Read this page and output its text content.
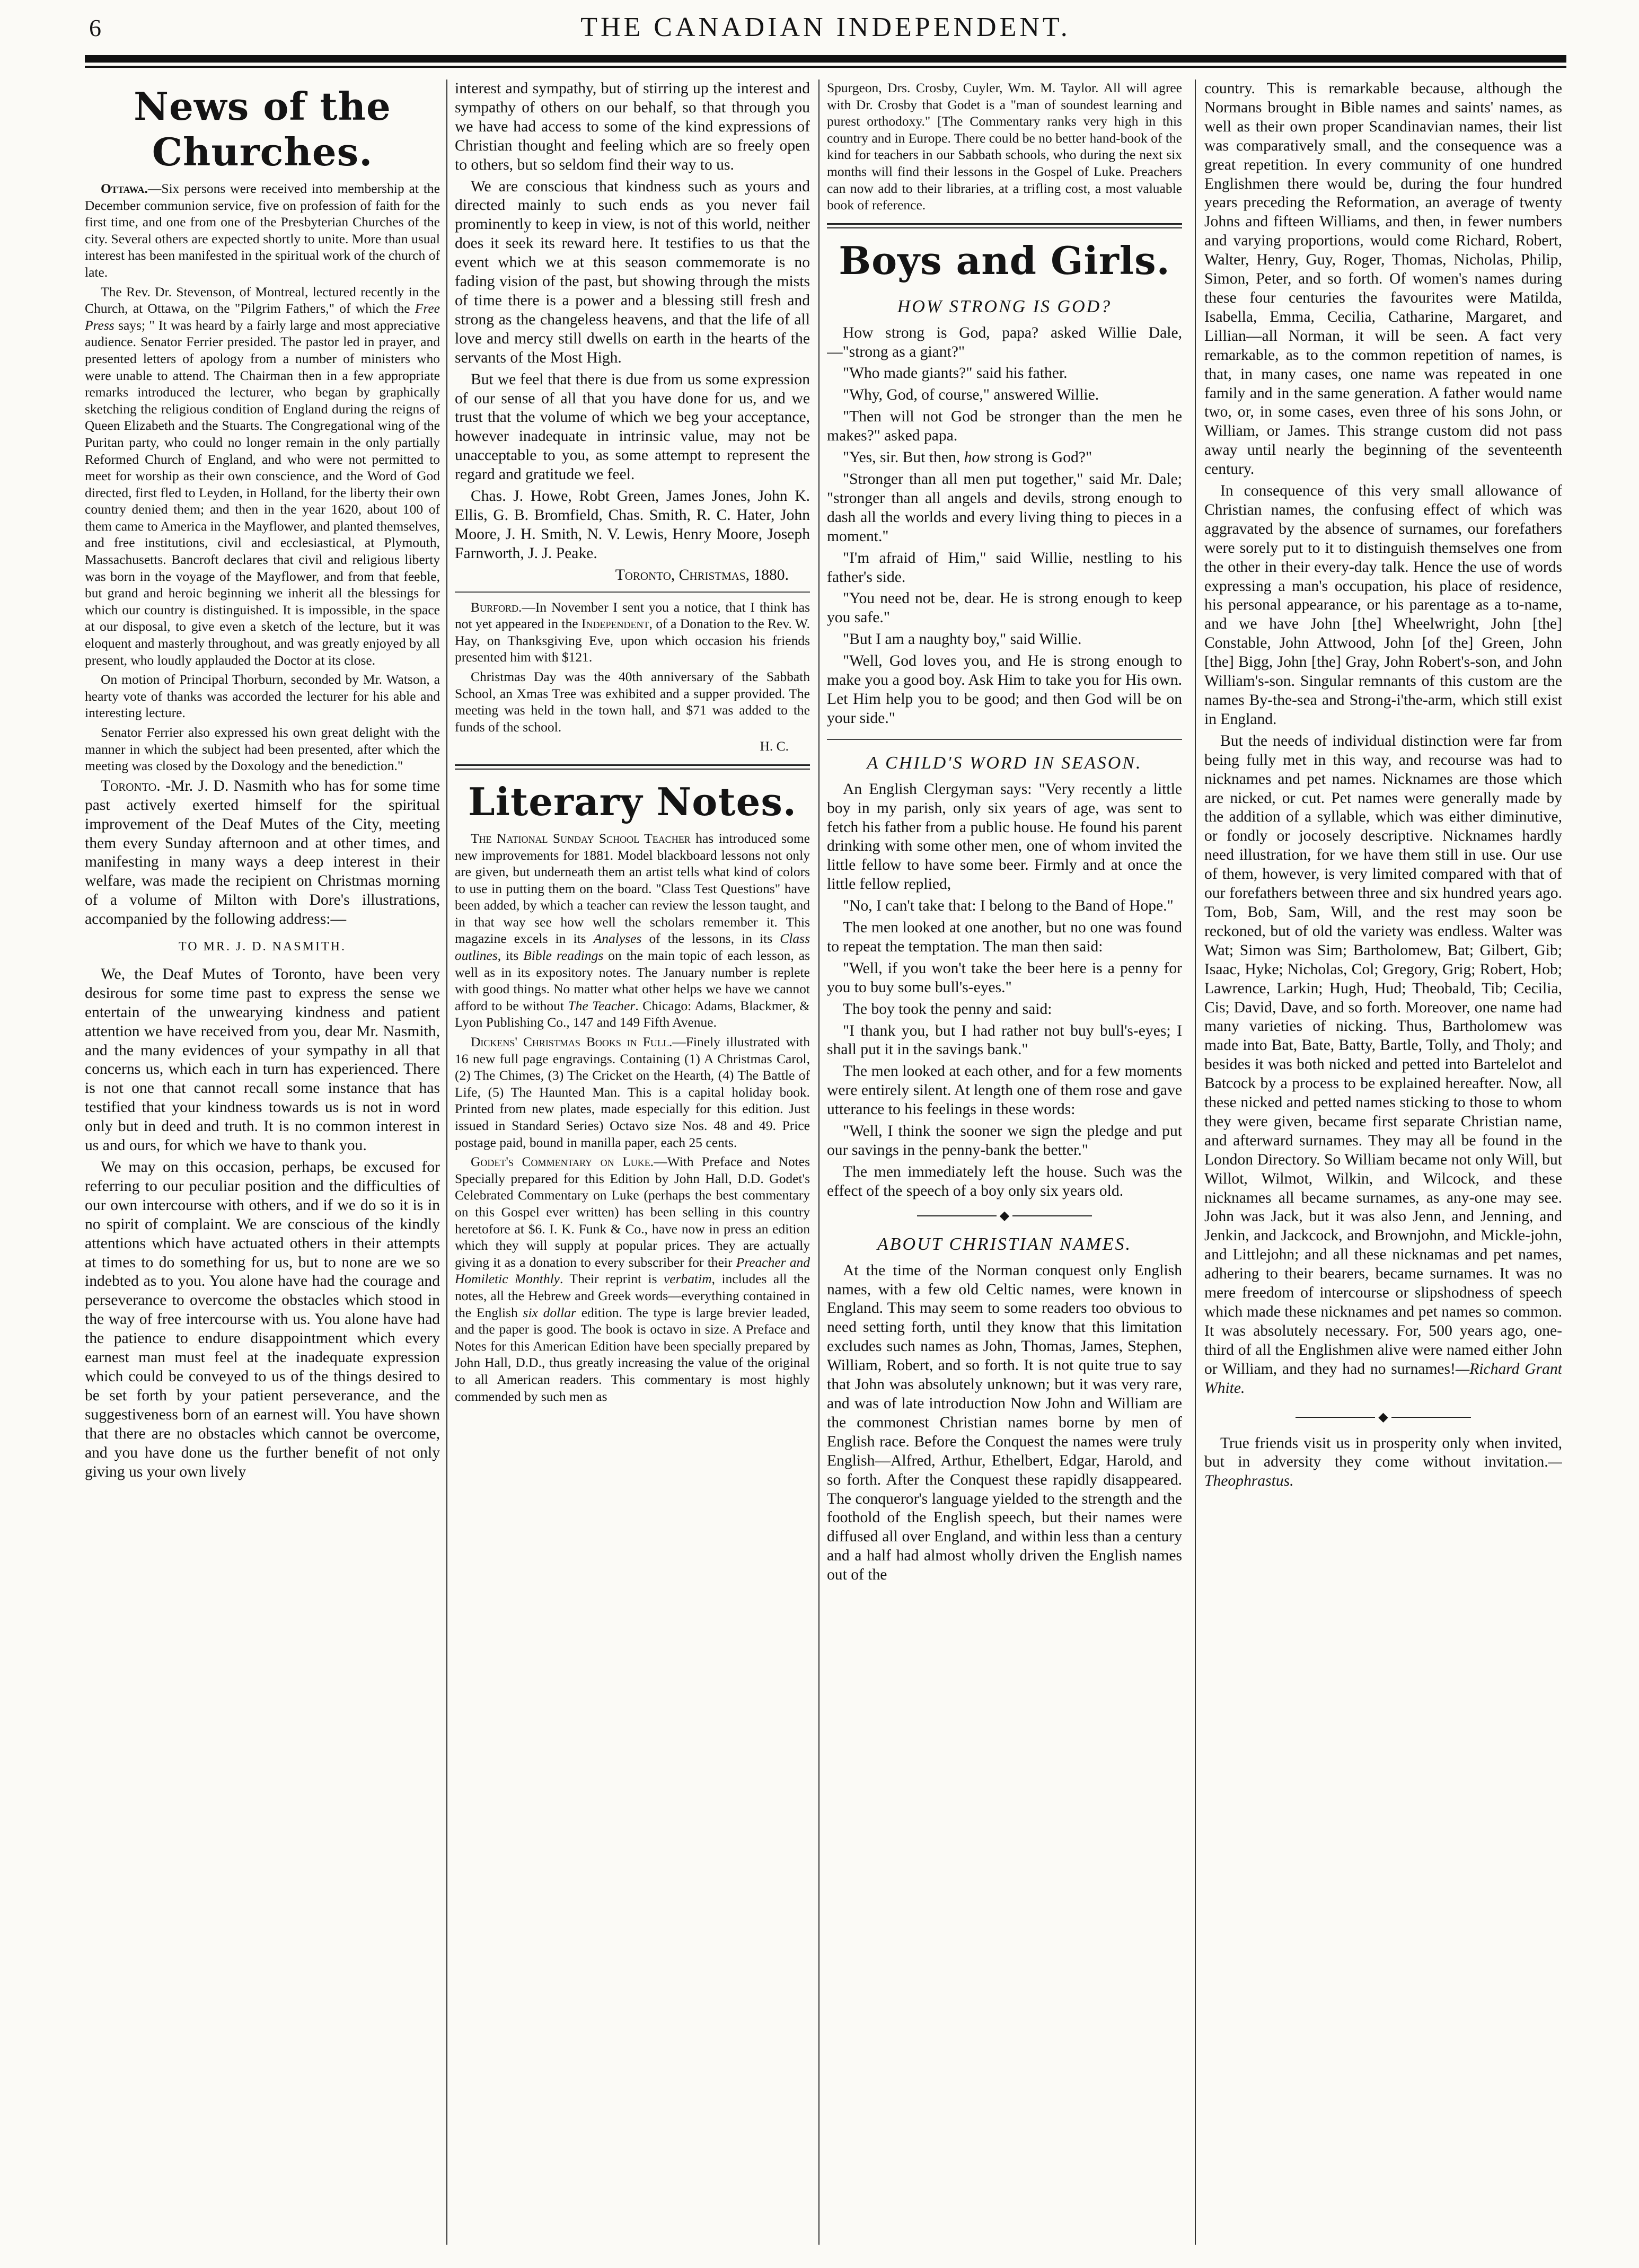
6	THE CANADIAN INDEPENDENT.
News of the Churches.

Ottawa.—Six persons were received into membership at the December communion service, five on profession of faith for the first time, and one from one of the Presbyterian Churches of the city. Several others are expected shortly to unite. More than usual interest has been manifested in the spiritual work of the church of late.

The Rev. Dr. Stevenson, of Montreal, lectured recently in the Church, at Ottawa, on the "Pilgrim Fathers," of which the Free Press says; " It was heard by a fairly large and most appreciative audience. Senator Ferrier presided. The pastor led in prayer, and presented letters of apology from a number of ministers who were unable to attend. The Chairman then in a few appropriate remarks introduced the lecturer, who began by graphically sketching the religious condition of England during the reigns of Queen Elizabeth and the Stuarts. The Congregational wing of the Puritan party, who could no longer remain in the only partially Reformed Church of England, and who were not permitted to meet for worship as their own conscience, and the Word of God directed, first fled to Leyden, in Holland, for the liberty their own country denied them; and then in the year 1620, about 100 of them came to America in the Mayflower, and planted themselves, and free institutions, civil and ecclesiastical, at Plymouth, Massachusetts. Bancroft declares that civil and religious liberty was born in the voyage of the Mayflower, and from that feeble, but grand and heroic beginning we inherit all the blessings for which our country is distinguished. It is impossible, in the space at our disposal, to give even a sketch of the lecture, but it was eloquent and masterly throughout, and was greatly enjoyed by all present, who loudly applauded the Doctor at its close.

On motion of Principal Thorburn, seconded by Mr. Watson, a hearty vote of thanks was accorded the lecturer for his able and interesting lecture.

Senator Ferrier also expressed his own great delight with the manner in which the subject had been presented, after which the meeting was closed by the Doxology and the benediction."

Toronto. -Mr. J. D. Nasmith who has for some time past actively exerted himself for the spiritual improvement of the Deaf Mutes of the City, meeting them every Sunday afternoon and at other times, and manifesting in many ways a deep interest in their welfare, was made the recipient on Christmas morning of a volume of Milton with Dore's illustrations, accompanied by the following address:—

TO MR. J. D. NASMITH.

We, the Deaf Mutes of Toronto, have been very desirous for some time past to express the sense we entertain of the unwearying kindness and patient attention we have received from you, dear Mr. Nasmith, and the many evidences of your sympathy in all that concerns us, which each in turn has experienced. There is not one that cannot recall some instance that has testified that your kindness towards us is not in word only but in deed and truth. It is no common interest in us and ours, for which we have to thank you.

We may on this occasion, perhaps, be excused for referring to our peculiar position and the difficulties of our own intercourse with others, and if we do so it is in no spirit of complaint. We are conscious of the kindly attentions which have actuated others in their attempts at times to do something for us, but to none are we so indebted as to you. You alone have had the courage and perseverance to overcome the obstacles which stood in the way of free intercourse with us. You alone have had the patience to endure disappointment which every earnest man must feel at the inadequate expression which could be conveyed to us of the things desired to be set forth by your patient perseverance, and the suggestiveness born of an earnest will. You have shown that there are no obstacles which cannot be overcome, and you have done us the further benefit of not only giving us your own lively

interest and sympathy, but of stirring up the interest and sympathy of others on our behalf, so that through you we have had access to some of the kind expressions of Christian thought and feeling which are so freely open to others, but so seldom find their way to us.

We are conscious that kindness such as yours and directed mainly to such ends as you never fail prominently to keep in view, is not of this world, neither does it seek its reward here. It testifies to us that the event which we at this season commemorate is no fading vision of the past, but showing through the mists of time there is a power and a blessing still fresh and strong as the changeless heavens, and that the life of all love and mercy still dwells on earth in the hearts of the servants of the Most High.

But we feel that there is due from us some expression of our sense of all that you have done for us, and we trust that the volume of which we beg your acceptance, however inadequate in intrinsic value, may not be unacceptable to you, as some attempt to represent the regard and gratitude we feel.

Chas. J. Howe, Robt Green, James Jones, John K. Ellis, G. B. Bromfield, Chas. Smith, R. C. Hater, John Moore, J. H. Smith, N. V. Lewis, Henry Moore, Joseph Farnworth, J. J. Peake.

Toronto, Christmas, 1880.

Burford.—In November I sent you a notice, that I think has not yet appeared in the Independent, of a Donation to the Rev. W. Hay, on Thanksgiving Eve, upon which occasion his friends presented him with $121.

Christmas Day was the 40th anniversary of the Sabbath School, an Xmas Tree was exhibited and a supper provided. The meeting was held in the town hall, and $71 was added to the funds of the school.

H. C.

Literary Notes.

The National Sunday School Teacher has introduced some new improvements for 1881. Model blackboard lessons not only are given, but underneath them an artist tells what kind of colors to use in putting them on the board. "Class Test Questions" have been added, by which a teacher can review the lesson taught, and in that way see how well the scholars remember it. This magazine excels in its Analyses of the lessons, in its Class outlines, its Bible readings on the main topic of each lesson, as well as in its expository notes. The January number is replete with good things. No matter what other helps we have we cannot afford to be without The Teacher. Chicago: Adams, Blackmer, & Lyon Publishing Co., 147 and 149 Fifth Avenue.

Dickens' Christmas Books in Full.—Finely illustrated with 16 new full page engravings. Containing (1) A Christmas Carol, (2) The Chimes, (3) The Cricket on the Hearth, (4) The Battle of Life, (5) The Haunted Man. This is a capital holiday book. Printed from new plates, made especially for this edition. Just issued in Standard Series) Octavo size Nos. 48 and 49. Price postage paid, bound in manilla paper, each 25 cents.

Godet's Commentary on Luke.—With Preface and Notes Specially prepared for this Edition by John Hall, D.D. Godet's Celebrated Commentary on Luke (perhaps the best commentary on this Gospel ever written) has been selling in this country heretofore at $6. I. K. Funk & Co., have now in press an edition which they will supply at popular prices. They are actually giving it as a donation to every subscriber for their Preacher and Homiletic Monthly. Their reprint is verbatim, includes all the notes, all the Hebrew and Greek words—everything contained in the English six dollar edition. The type is large brevier leaded, and the paper is good. The book is octavo in size. A Preface and Notes for this American Edition have been specially prepared by John Hall, D.D., thus greatly increasing the value of the original to all American readers. This commentary is most highly commended by such men as

Spurgeon, Drs. Crosby, Cuyler, Wm. M. Taylor. All will agree with Dr. Crosby that Godet is a "man of soundest learning and purest orthodoxy." [The Commentary ranks very high in this country and in Europe. There could be no better hand-book of the kind for teachers in our Sabbath schools, who during the next six months will find their lessons in the Gospel of Luke. Preachers can now add to their libraries, at a trifling cost, a most valuable book of reference.

Boys and Girls.

HOW STRONG IS GOD?

How strong is God, papa? asked Willie Dale,—"strong as a giant?"

"Who made giants?" said his father.

"Why, God, of course," answered Willie.

"Then will not God be stronger than the men he makes?" asked papa.

"Yes, sir. But then, how strong is God?"

"Stronger than all men put together," said Mr. Dale; "stronger than all angels and devils, strong enough to dash all the worlds and every living thing to pieces in a moment."

"I'm afraid of Him," said Willie, nestling to his father's side.

"You need not be, dear. He is strong enough to keep you safe."

"But I am a naughty boy," said Willie.

"Well, God loves you, and He is strong enough to make you a good boy. Ask Him to take you for His own. Let Him help you to be good; and then God will be on your side."

A CHILD'S WORD IN SEASON.

An English Clergyman says: "Very recently a little boy in my parish, only six years of age, was sent to fetch his father from a public house. He found his parent drinking with some other men, one of whom invited the little fellow to have some beer. Firmly and at once the little fellow replied,

"No, I can't take that: I belong to the Band of Hope."

The men looked at one another, but no one was found to repeat the temptation. The man then said:

"Well, if you won't take the beer here is a penny for you to buy some bull's-eyes."

The boy took the penny and said:

"I thank you, but I had rather not buy bull's-eyes; I shall put it in the savings bank."

The men looked at each other, and for a few moments were entirely silent. At length one of them rose and gave utterance to his feelings in these words:

"Well, I think the sooner we sign the pledge and put our savings in the penny-bank the better."

The men immediately left the house. Such was the effect of the speech of a boy only six years old.

◆

ABOUT CHRISTIAN NAMES.

At the time of the Norman conquest only English names, with a few old Celtic names, were known in England. This may seem to some readers too obvious to need setting forth, until they know that this limitation excludes such names as John, Thomas, James, Stephen, William, Robert, and so forth. It is not quite true to say that John was absolutely unknown; but it was very rare, and was of late introduction Now John and William are the commonest Christian names borne by men of English race. Before the Conquest the names were truly English—Alfred, Arthur, Ethelbert, Edgar, Harold, and so forth. After the Conquest these rapidly disappeared. The conqueror's language yielded to the strength and the foothold of the English speech, but their names were diffused all over England, and within less than a century and a half had almost wholly driven the English names out of the

country. This is remarkable because, although the Normans brought in Bible names and saints' names, as well as their own proper Scandinavian names, their list was comparatively small, and the consequence was a great repetition. In every community of one hundred Englishmen there would be, during the four hundred years preceding the Reformation, an average of twenty Johns and fifteen Williams, and then, in fewer numbers and varying proportions, would come Richard, Robert, Walter, Henry, Guy, Roger, Thomas, Nicholas, Philip, Simon, Peter, and so forth. Of women's names during these four centuries the favourites were Matilda, Isabella, Emma, Cecilia, Catharine, Margaret, and Lillian—all Norman, it will be seen. A fact very remarkable, as to the common repetition of names, is that, in many cases, one name was repeated in one family and in the same generation. A father would name two, or, in some cases, even three of his sons John, or William, or James. This strange custom did not pass away until nearly the beginning of the seventeenth century.

In consequence of this very small allowance of Christian names, the confusing effect of which was aggravated by the absence of surnames, our forefathers were sorely put to it to distinguish themselves one from the other in their every-day talk. Hence the use of words expressing a man's occupation, his place of residence, his personal appearance, or his parentage as a to-name, and we have John [the] Wheelwright, John [the] Constable, John Attwood, John [of the] Green, John [the] Bigg, John [the] Gray, John Robert's-son, and John William's-son. Singular remnants of this custom are the names By-the-sea and Strong-i'the-arm, which still exist in England.

But the needs of individual distinction were far from being fully met in this way, and recourse was had to nicknames and pet names. Nicknames are those which are nicked, or cut. Pet names were generally made by the addition of a syllable, which was either diminutive, or fondly or jocosely descriptive. Nicknames hardly need illustration, for we have them still in use. Our use of them, however, is very limited compared with that of our forefathers between three and six hundred years ago. Tom, Bob, Sam, Will, and the rest may soon be reckoned, but of old the variety was endless. Walter was Wat; Simon was Sim; Bartholomew, Bat; Gilbert, Gib; Isaac, Hyke; Nicholas, Col; Gregory, Grig; Robert, Hob; Lawrence, Larkin; Hugh, Hud; Theobald, Tib; Cecilia, Cis; David, Dave, and so forth. Moreover, one name had many varieties of nicking. Thus, Bartholomew was made into Bat, Bate, Batty, Bartle, Tolly, and Tholy; and besides it was both nicked and petted into Bartelelot and Batcock by a process to be explained hereafter. Now, all these nicked and petted names sticking to those to whom they were given, became first separate Christian name, and afterward surnames. They may all be found in the London Directory. So William became not only Will, but Willot, Wilmot, Wilkin, and Wilcock, and these nicknames all became surnames, as any-one may see. John was Jack, but it was also Jenn, and Jenning, and Jenkin, and Jackcock, and Brownjohn, and Mickle-john, and Littlejohn; and all these nicknamas and pet names, adhering to their bearers, became surnames. It was no mere freedom of intercourse or slipshodness of speech which made these nicknames and pet names so common. It was absolutely necessary. For, 500 years ago, one-third of all the Englishmen alive were named either John or William, and they had no surnames!—Richard Grant White.

◆

True friends visit us in prosperity only when invited, but in adversity they come without invitation.—Theophrastus.
